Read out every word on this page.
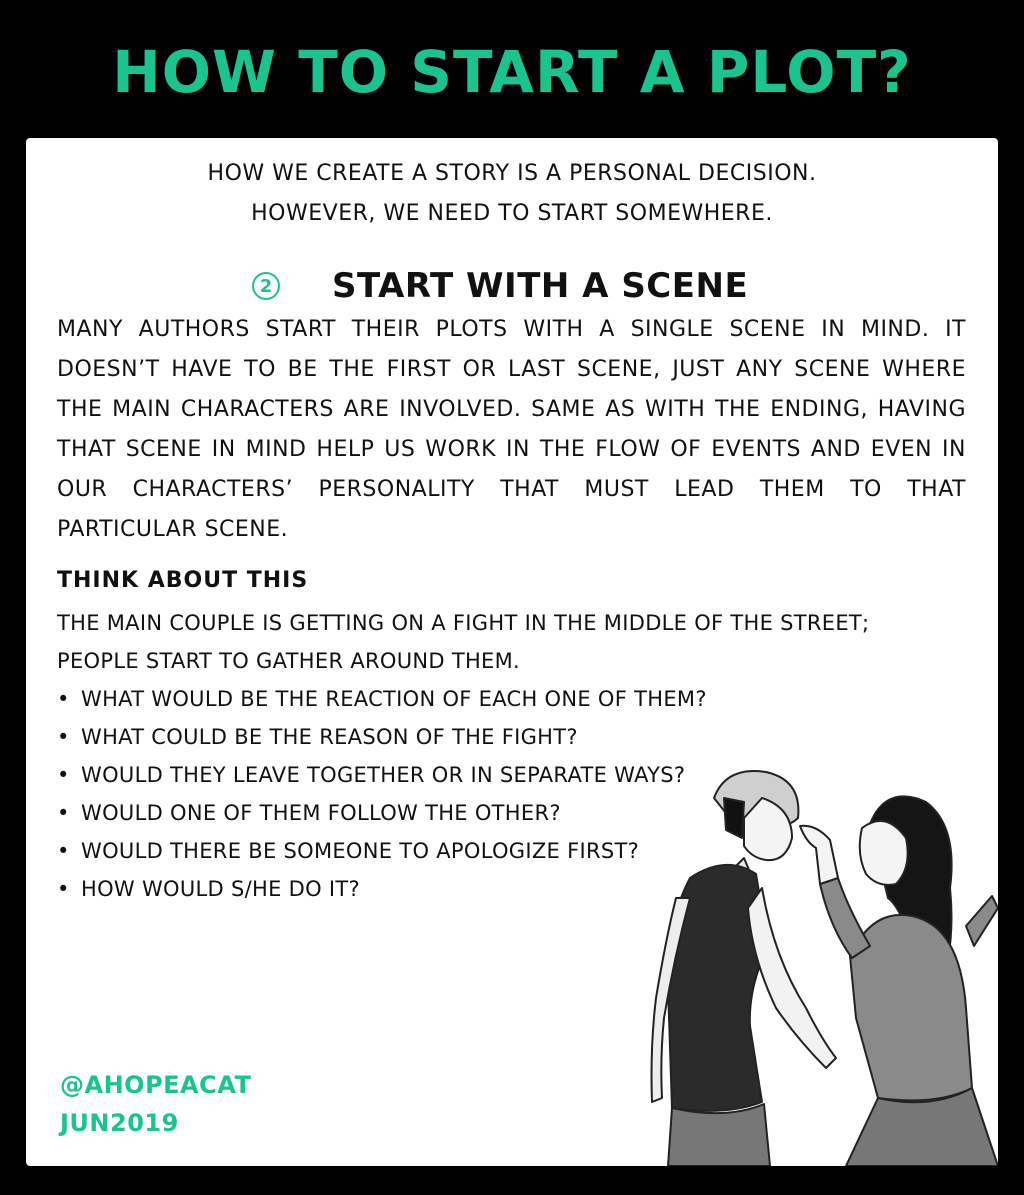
HOW TO START A PLOT?
HOW WE CREATE A STORY IS A PERSONAL DECISION.
HOWEVER, WE NEED TO START SOMEWHERE.
2 START WITH A SCENE
MANY AUTHORS START THEIR PLOTS WITH A SINGLE SCENE IN MIND. IT DOESN’T HAVE TO BE THE FIRST OR LAST SCENE, JUST ANY SCENE WHERE THE MAIN CHARACTERS ARE INVOLVED. SAME AS WITH THE ENDING, HAVING THAT SCENE IN MIND HELP US WORK IN THE FLOW OF EVENTS AND EVEN IN OUR CHARACTERS’ PERSONALITY THAT MUST LEAD THEM TO THAT PARTICULAR SCENE.
THINK ABOUT THIS
THE MAIN COUPLE IS GETTING ON A FIGHT IN THE MIDDLE OF THE STREET; PEOPLE START TO GATHER AROUND THEM.
• WHAT WOULD BE THE REACTION OF EACH ONE OF THEM?
• WHAT COULD BE THE REASON OF THE FIGHT?
• WOULD THEY LEAVE TOGETHER OR IN SEPARATE WAYS?
• WOULD ONE OF THEM FOLLOW THE OTHER?
• WOULD THERE BE SOMEONE TO APOLOGIZE FIRST?
• HOW WOULD S/HE DO IT?
@AHOPEACAT
JUN2019
